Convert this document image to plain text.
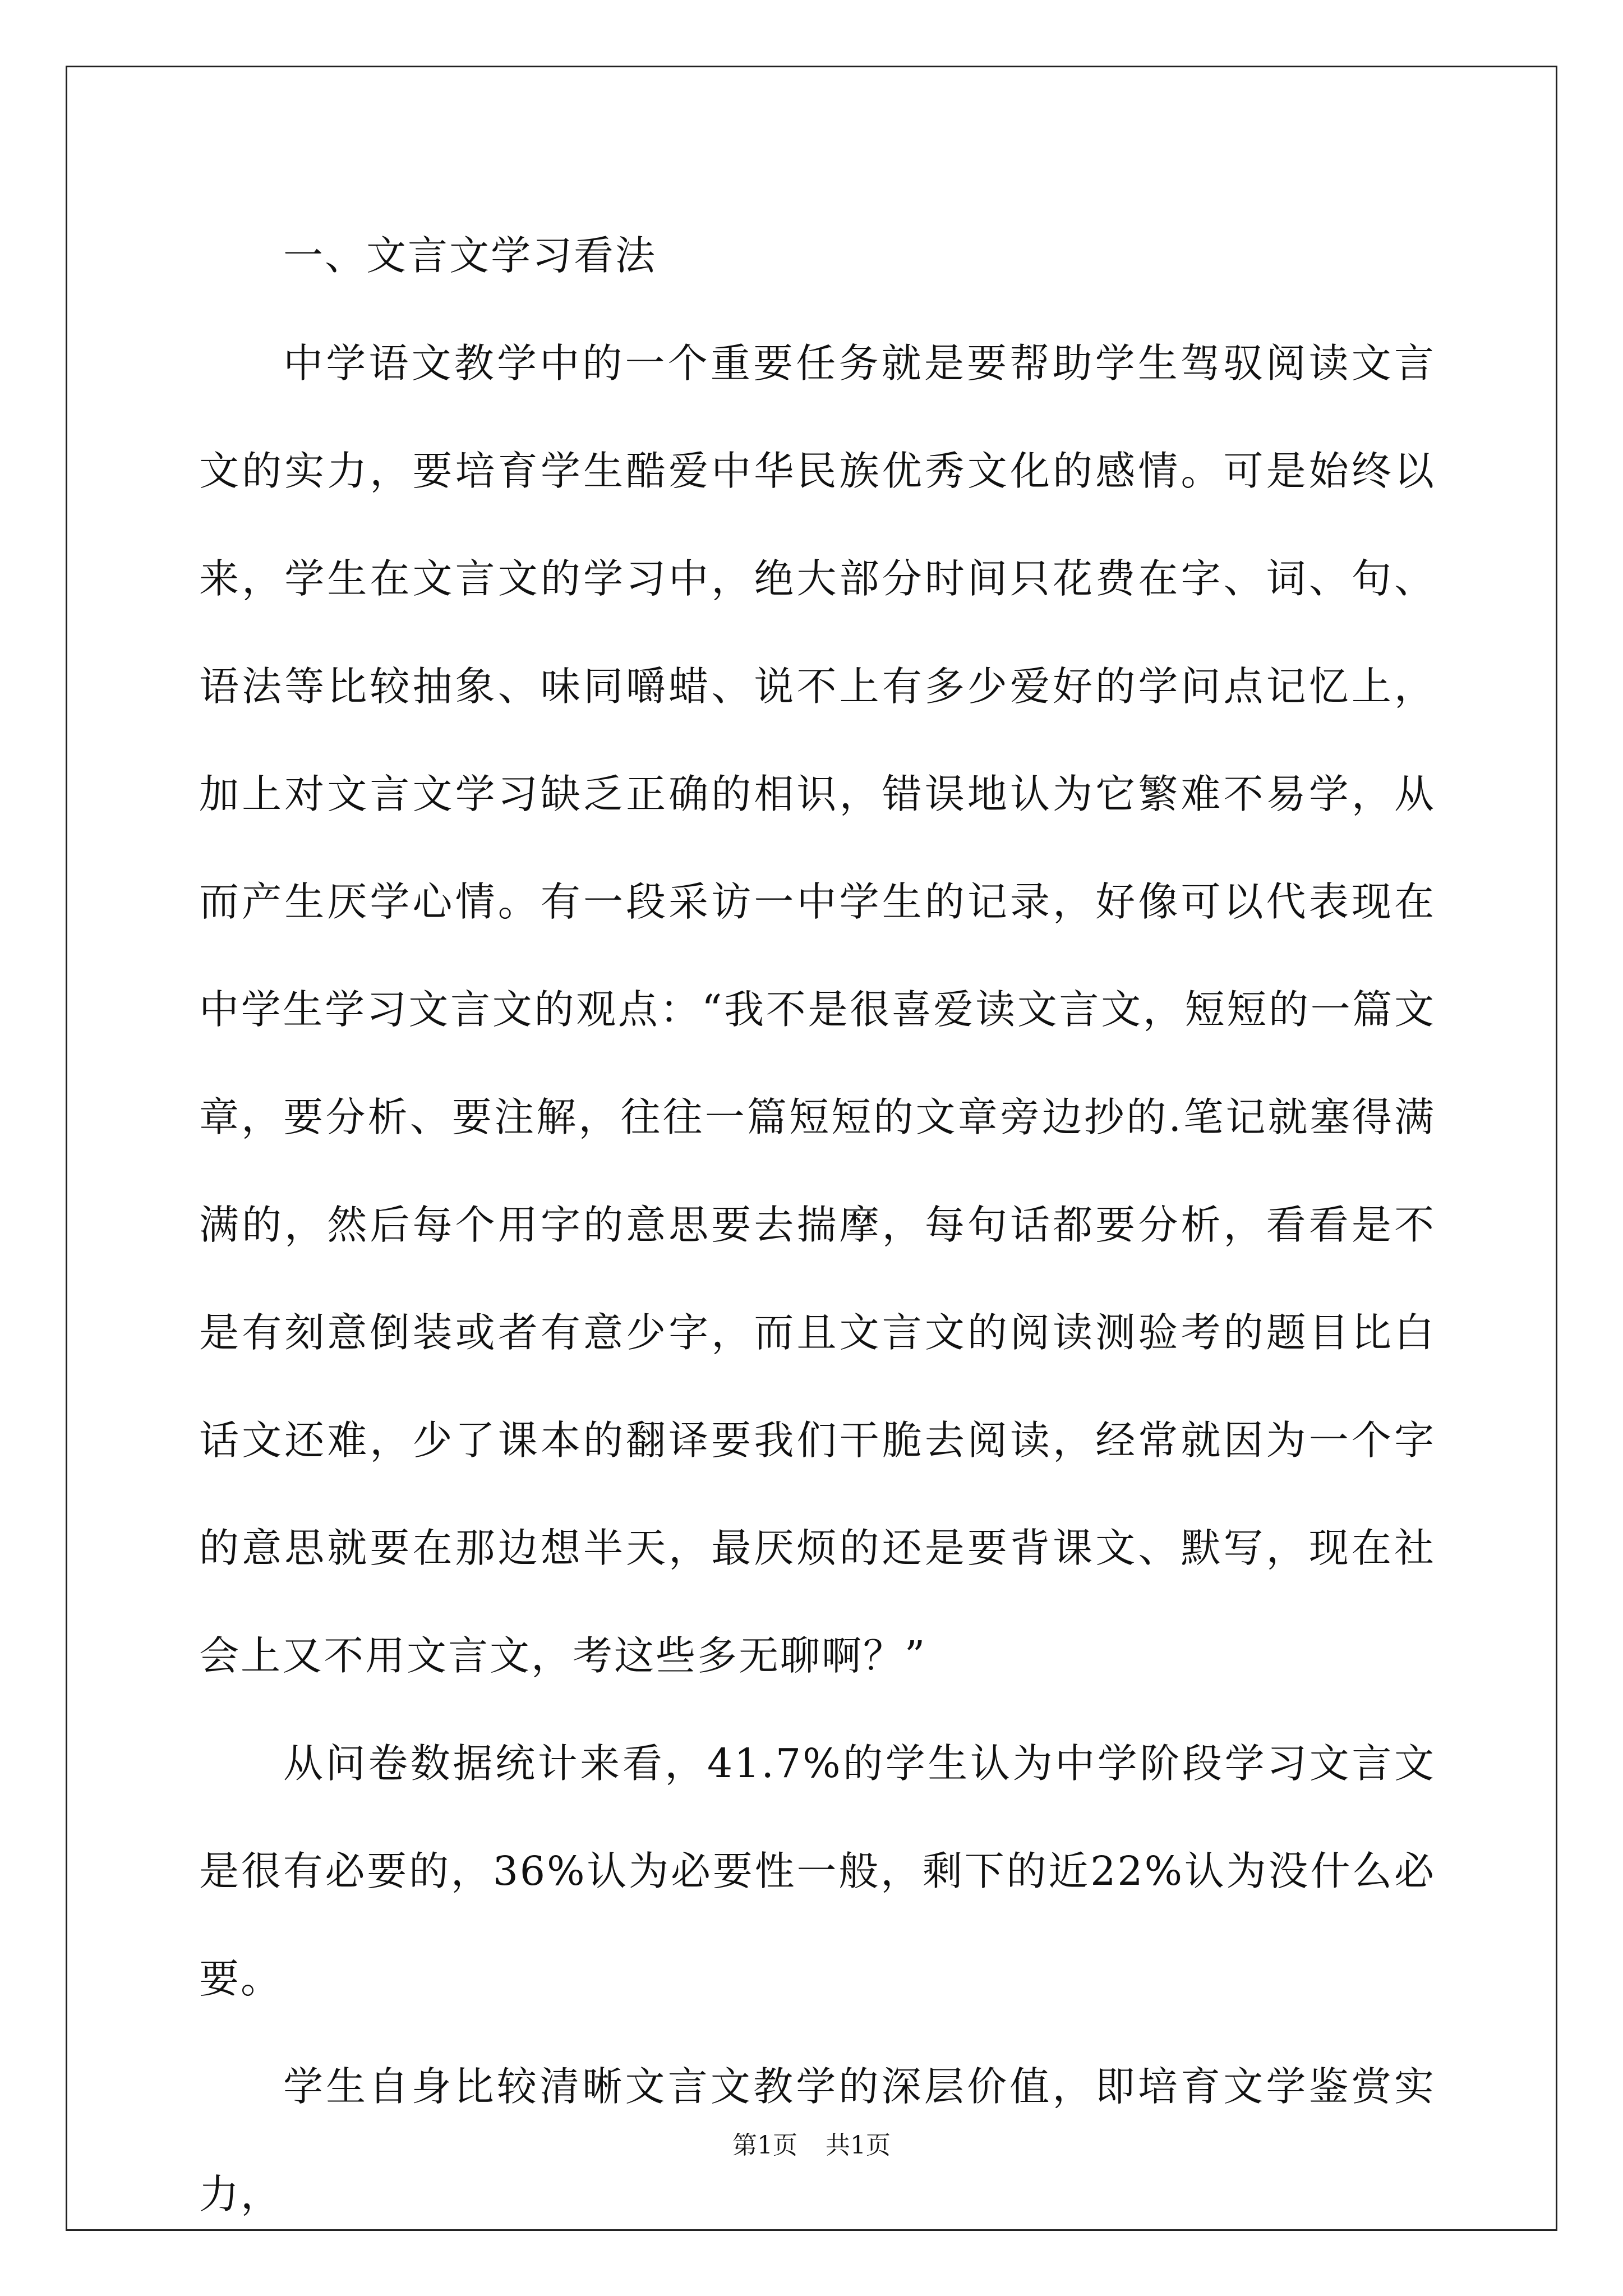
一、文言文学习看法

中学语文教学中的一个重要任务就是要帮助学生驾驭阅读文言文的实力，要培育学生酷爱中华民族优秀文化的感情。可是始终以来，学生在文言文的学习中，绝大部分时间只花费在字、词、句、语法等比较抽象、味同嚼蜡、说不上有多少爱好的学问点记忆上，加上对文言文学习缺乏正确的相识，错误地认为它繁难不易学，从而产生厌学心情。有一段采访一中学生的记录，好像可以代表现在中学生学习文言文的观点：“我不是很喜爱读文言文，短短的一篇文章，要分析、要注解，往往一篇短短的文章旁边抄的.笔记就塞得满满的，然后每个用字的意思要去揣摩，每句话都要分析，看看是不是有刻意倒装或者有意少字，而且文言文的阅读测验考的题目比白话文还难，少了课本的翻译要我们干脆去阅读，经常就因为一个字的意思就要在那边想半天，最厌烦的还是要背课文、默写，现在社会上又不用文言文，考这些多无聊啊？”

从问卷数据统计来看，41.7%的学生认为中学阶段学习文言文是很有必要的，36%认为必要性一般，剩下的近22%认为没什么必要。

学生自身比较清晰文言文教学的深层价值，即培育文学鉴赏实力，

第1页 共1页
